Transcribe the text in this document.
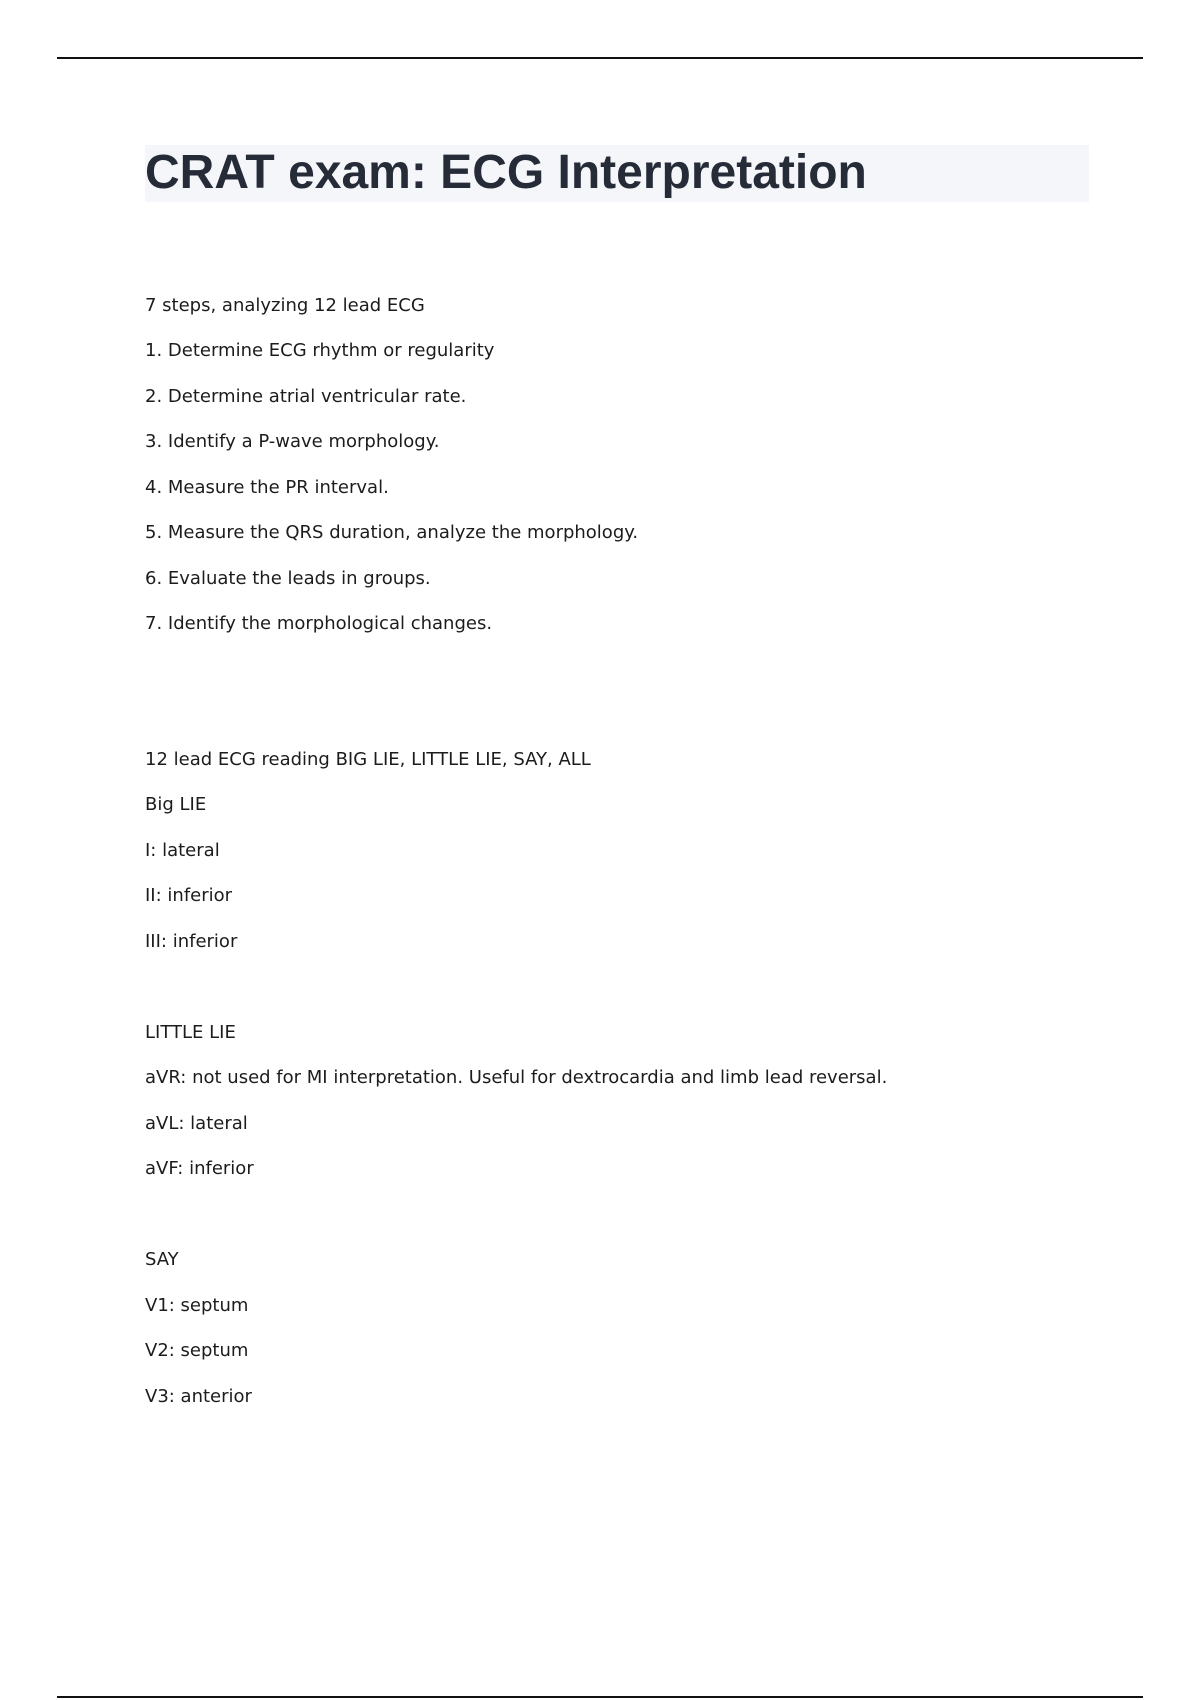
CRAT exam: ECG Interpretation

7 steps, analyzing 12 lead ECG

1. Determine ECG rhythm or regularity

2. Determine atrial ventricular rate.

3. Identify a P-wave morphology.

4. Measure the PR interval.

5. Measure the QRS duration, analyze the morphology.

6. Evaluate the leads in groups.

7. Identify the morphological changes.

12 lead ECG reading BIG LIE, LITTLE LIE, SAY, ALL

Big LIE

I: lateral

II: inferior

III: inferior

LITTLE LIE

aVR: not used for MI interpretation. Useful for dextrocardia and limb lead reversal.

aVL: lateral

aVF: inferior

SAY

V1: septum

V2: septum

V3: anterior
